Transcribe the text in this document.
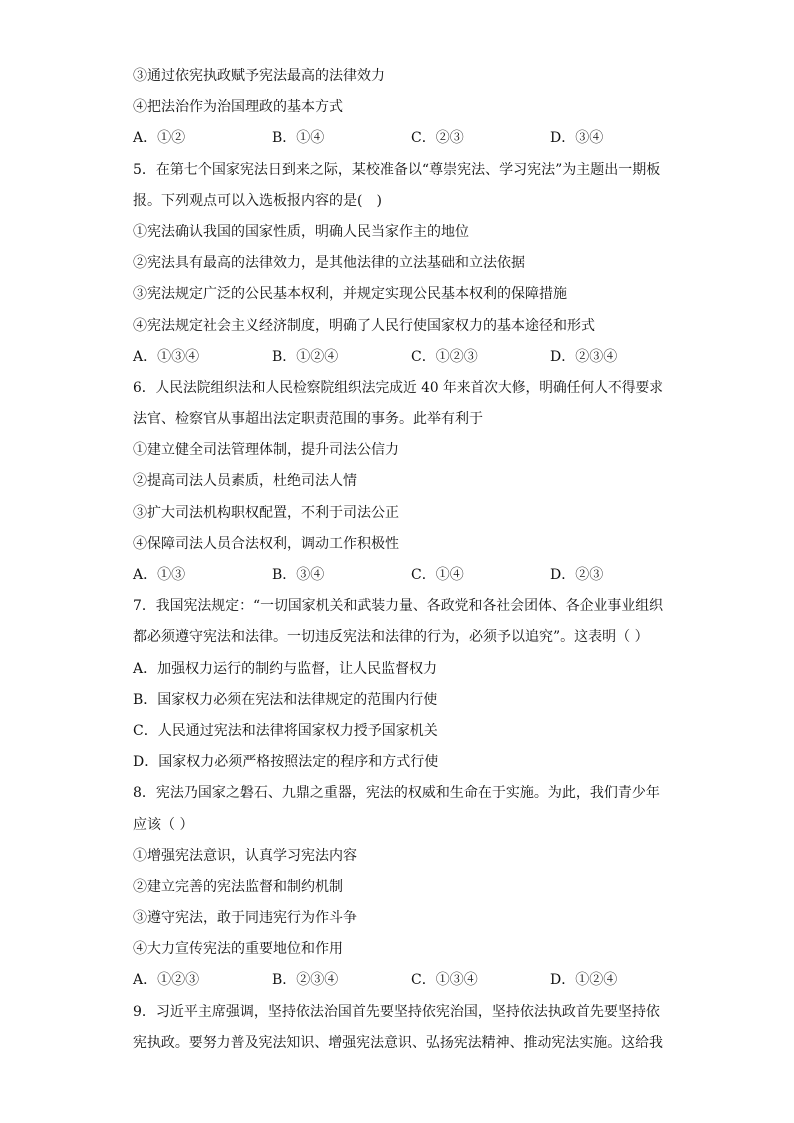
③通过依宪执政赋予宪法最高的法律效力
④把法治作为治国理政的基本方式
A．①②	B．①④	C．②③	D．③④
5．在第七个国家宪法日到来之际，某校准备以“尊崇宪法、学习宪法”为主题出一期板
报。下列观点可以入选板报内容的是(　)
①宪法确认我国的国家性质，明确人民当家作主的地位
②宪法具有最高的法律效力，是其他法律的立法基础和立法依据
③宪法规定广泛的公民基本权利，并规定实现公民基本权利的保障措施
④宪法规定社会主义经济制度，明确了人民行使国家权力的基本途径和形式
A．①③④	B．①②④	C．①②③	D．②③④
6．人民法院组织法和人民检察院组织法完成近 40 年来首次大修，明确任何人不得要求
法官、检察官从事超出法定职责范围的事务。此举有利于
①建立健全司法管理体制，提升司法公信力
②提高司法人员素质，杜绝司法人情
③扩大司法机构职权配置，不利于司法公正
④保障司法人员合法权利，调动工作积极性
A．①③	B．③④	C．①④	D．②③
7．我国宪法规定：“一切国家机关和武装力量、各政党和各社会团体、各企业事业组织
都必须遵守宪法和法律。一切违反宪法和法律的行为，必须予以追究”。这表明（ ）
A．加强权力运行的制约与监督，让人民监督权力
B．国家权力必须在宪法和法律规定的范围内行使
C．人民通过宪法和法律将国家权力授予国家机关
D．国家权力必须严格按照法定的程序和方式行使
8．宪法乃国家之磐石、九鼎之重器，宪法的权威和生命在于实施。为此，我们青少年
应该（ ）
①增强宪法意识，认真学习宪法内容
②建立完善的宪法监督和制约机制
③遵守宪法，敢于同违宪行为作斗争
④大力宣传宪法的重要地位和作用
A．①②③	B．②③④	C．①③④	D．①②④
9．习近平主席强调，坚持依法治国首先要坚持依宪治国，坚持依法执政首先要坚持依
宪执政。要努力普及宪法知识、增强宪法意识、弘扬宪法精神、推动宪法实施。这给我
